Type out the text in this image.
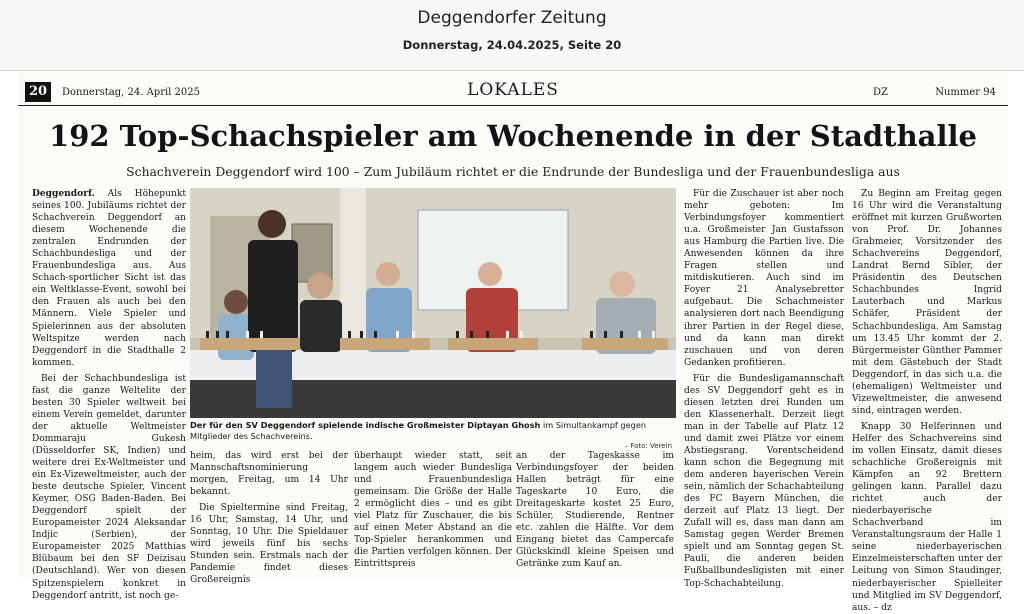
Deggendorfer Zeitung
Donnerstag, 24.04.2025, Seite 20
20	Donnerstag, 24. April 2025	LOKALES	DZ	Nummer 94
192 Top-Schachspieler am Wochenende in der Stadthalle
Schachverein Deggendorf wird 100 – Zum Jubiläum richtet er die Endrunde der Bundesliga und der Frauenbundesliga aus

Deggendorf. Als Höhepunkt seines 100. Jubiläums richtet der Schachverein Deggendorf an diesem Wochenende die zentralen Endrunden der Schachbundesliga und der Frauenbundesliga aus. Aus Schach-sportlicher Sicht ist das ein Weltklasse-Event, sowohl bei den Frauen als auch bei den Männern. Viele Spieler und Spielerinnen aus der absoluten Weltspitze werden nach Deggendorf in die Stadthalle 2 kommen.

Bei der Schachbundesliga ist fast die ganze Weltelite der besten 30 Spieler weltweit bei einem Verein gemeldet, darunter der aktuelle Weltmeister Dommaraju Gukesh (Düsseldorfer SK, Indien) und weitere drei Ex-Weltmeister und ein Ex-Vizeweltmeister, auch der beste deutsche Spieler, Vincent Keymer, OSG Baden-Baden. Bei Deggendorf spielt der Europameister 2024 Aleksandar Indjic (Serbien), der Europameister 2025 Matthias Blübaum bei den SF Deizisau (Deutschland). Wer von diesen Spitzenspielern konkret in Deggendorf antritt, ist noch ge-

Der für den SV Deggendorf spielende indische Großmeister Diptayan Ghosh im Simultankampf gegen Mitglieder des Schachvereins.
– Foto: Verein

heim, das wird erst bei der Mannschaftsnominierung morgen, Freitag, um 14 Uhr bekannt.

Die Spieltermine sind Freitag, 16 Uhr, Samstag, 14 Uhr, und Sonntag, 10 Uhr. Die Spieldauer wird jeweils fünf bis sechs Stunden sein. Erstmals nach der Pandemie findet dieses Großereignis

überhaupt wieder statt, seit langem auch wieder Bundesliga und Frauenbundesliga gemeinsam. Die Größe der Halle 2 ermöglicht dies – und es gibt viel Platz für Zuschauer, die bis auf einen Meter Abstand an die Top-Spieler herankommen und die Partien verfolgen können. Der Eintrittspreis

an der Tageskasse im Verbindungsfoyer der beiden Hallen beträgt für eine Tageskarte 10 Euro, die Dreitageskarte kostet 25 Euro, Schüler, Studierende, Rentner etc. zahlen die Hälfte. Vor dem Eingang bietet das Campercafe Glückskindl kleine Speisen und Getränke zum Kauf an.

Für die Zuschauer ist aber noch mehr geboten: Im Verbindungsfoyer kommentiert u.a. Großmeister Jan Gustafsson aus Hamburg die Partien live. Die Anwesenden können da ihre Fragen stellen und mitdiskutieren. Auch sind im Foyer 21 Analysebretter aufgebaut. Die Schachmeister analysieren dort nach Beendigung ihrer Partien in der Regel diese, und da kann man direkt zuschauen und von deren Gedanken profitieren.

Für die Bundesligamannschaft des SV Deggendorf geht es in diesen letzten drei Runden um den Klassenerhalt. Derzeit liegt man in der Tabelle auf Platz 12 und damit zwei Plätze vor einem Abstiegsrang. Vorentscheidend kann schon die Begegnung mit dem anderen bayerischen Verein sein, nämlich der Schachabteilung des FC Bayern München, die derzeit auf Platz 13 liegt. Der Zufall will es, dass man dann am Samstag gegen Werder Bremen spielt und am Sonntag gegen St. Pauli, die anderen beiden Fußballbundesligisten mit einer Top-Schachabteilung.

Zu Beginn am Freitag gegen 16 Uhr wird die Veranstaltung eröffnet mit kurzen Grußworten von Prof. Dr. Johannes Grabmeier, Vorsitzender des Schachvereins Deggendorf, Landrat Bernd Sibler, der Präsidentin des Deutschen Schachbundes Ingrid Lauterbach und Markus Schäfer, Präsident der Schachbundesliga. Am Samstag um 13.45 Uhr kommt der 2. Bürgermeister Günther Pammer mit dem Gästebuch der Stadt Deggendorf, in das sich u.a. die (ehemaligen) Weltmeister und Vizeweltmeister, die anwesend sind, eintragen werden.

Knapp 30 Helferinnen und Helfer des Schachvereins sind im vollen Einsatz, damit dieses schachliche Großereignis mit Kämpfen an 92 Brettern gelingen kann. Parallel dazu richtet auch der niederbayerische Schachverband im Veranstaltungsraum der Halle 1 seine niederbayerischen Einzelmeisterschaften unter der Leitung von Simon Staudinger, niederbayerischer Spielleiter und Mitglied im SV Deggendorf, aus. – dz
